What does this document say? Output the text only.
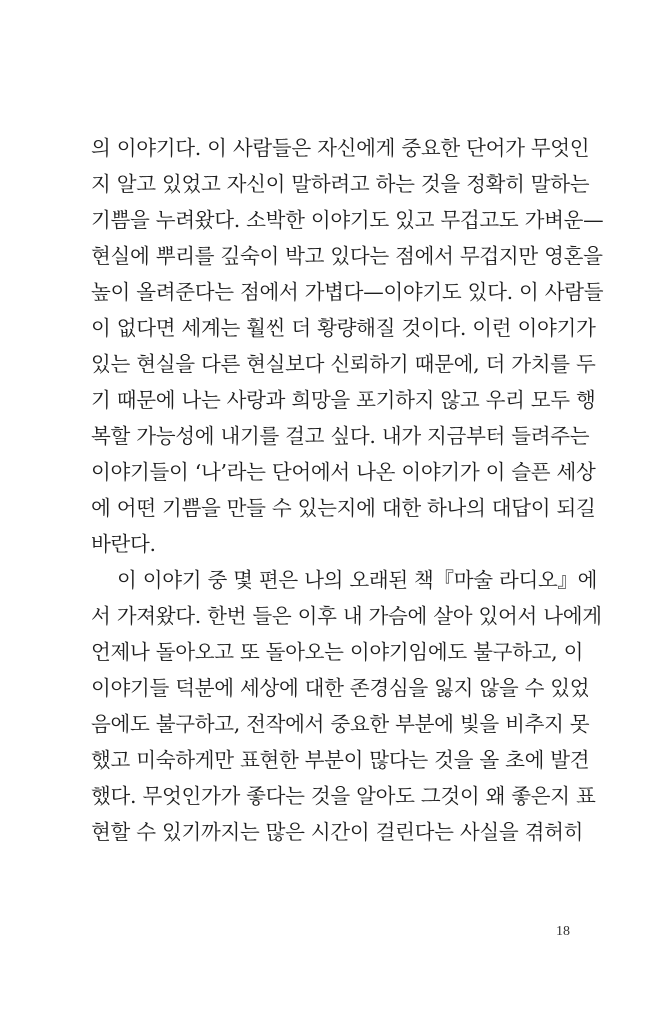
의 이야기다. 이 사람들은 자신에게 중요한 단어가 무엇인
지 알고 있었고 자신이 말하려고 하는 것을 정확히 말하는
기쁨을 누려왔다. 소박한 이야기도 있고 무겁고도 가벼운—
현실에 뿌리를 깊숙이 박고 있다는 점에서 무겁지만 영혼을
높이 올려준다는 점에서 가볍다—이야기도 있다. 이 사람들
이 없다면 세계는 훨씬 더 황량해질 것이다. 이런 이야기가
있는 현실을 다른 현실보다 신뢰하기 때문에, 더 가치를 두
기 때문에 나는 사랑과 희망을 포기하지 않고 우리 모두 행
복할 가능성에 내기를 걸고 싶다. 내가 지금부터 들려주는
이야기들이 ‘나’라는 단어에서 나온 이야기가 이 슬픈 세상
에 어떤 기쁨을 만들 수 있는지에 대한 하나의 대답이 되길
바란다.
이 이야기 중 몇 편은 나의 오래된 책『마술 라디오』에
서 가져왔다. 한번 들은 이후 내 가슴에 살아 있어서 나에게
언제나 돌아오고 또 돌아오는 이야기임에도 불구하고, 이
이야기들 덕분에 세상에 대한 존경심을 잃지 않을 수 있었
음에도 불구하고, 전작에서 중요한 부분에 빛을 비추지 못
했고 미숙하게만 표현한 부분이 많다는 것을 올 초에 발견
했다. 무엇인가가 좋다는 것을 알아도 그것이 왜 좋은지 표
현할 수 있기까지는 많은 시간이 걸린다는 사실을 겪허히
18
